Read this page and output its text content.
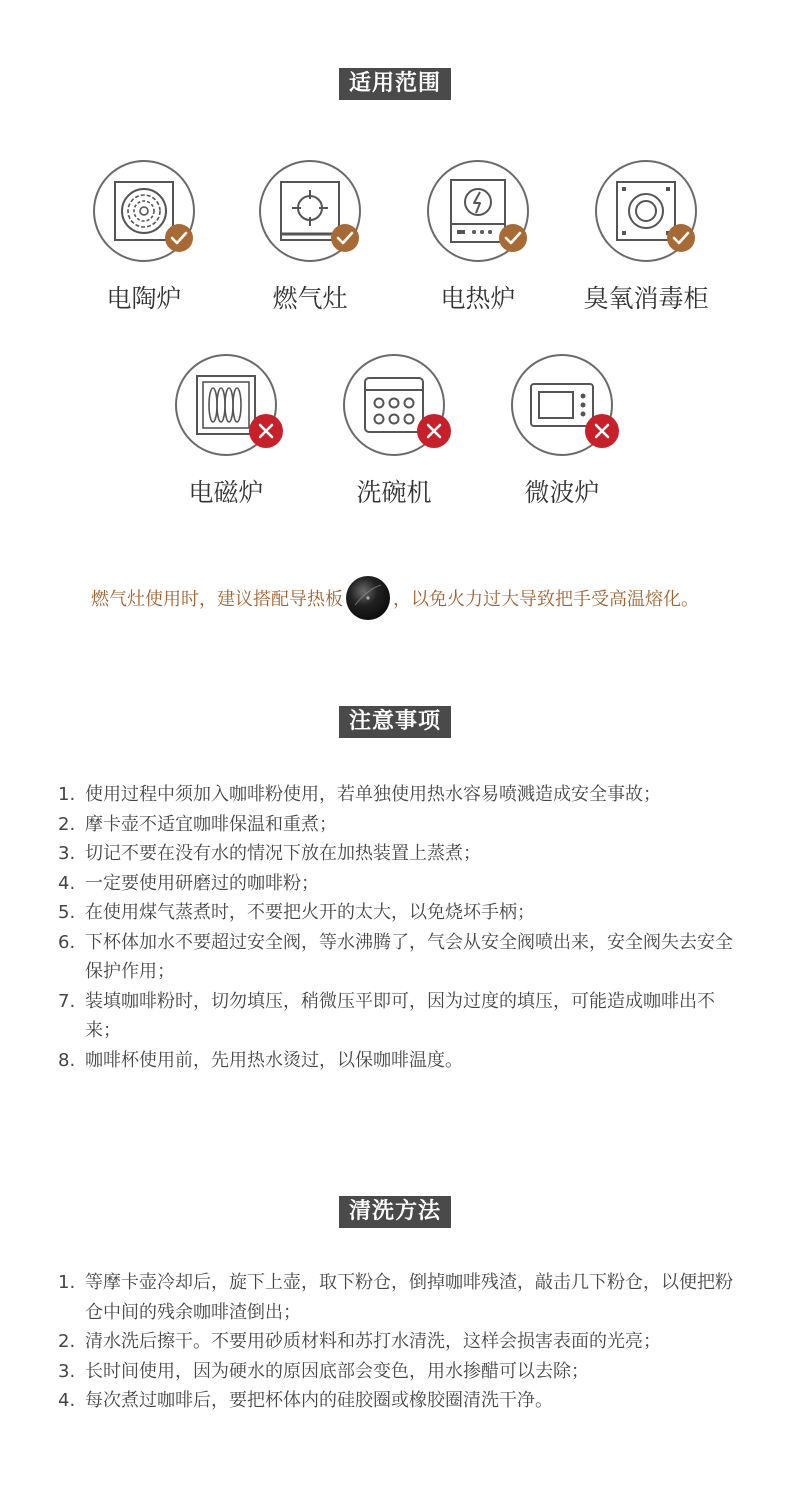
适用范围
电陶炉	燃气灶	电热炉	臭氧消毒柜
电磁炉	洗碗机	微波炉
燃气灶使用时，建议搭配导热板	，以免火力过大导致把手受高温熔化。
注意事项
1. 使用过程中须加入咖啡粉使用，若单独使用热水容易喷溅造成安全事故；
2. 摩卡壶不适宜咖啡保温和重煮；
3. 切记不要在没有水的情况下放在加热装置上蒸煮；
4. 一定要使用研磨过的咖啡粉；
5. 在使用煤气蒸煮时，不要把火开的太大，以免烧坏手柄；
6. 下杯体加水不要超过安全阀，等水沸腾了，气会从安全阀喷出来，安全阀失去安全保护作用；
7. 装填咖啡粉时，切勿填压，稍微压平即可，因为过度的填压，可能造成咖啡出不来；
8. 咖啡杯使用前，先用热水烫过，以保咖啡温度。
清洗方法
1. 等摩卡壶冷却后，旋下上壶，取下粉仓，倒掉咖啡残渣，敲击几下粉仓，以便把粉仓中间的残余咖啡渣倒出；
2. 清水洗后擦干。不要用砂质材料和苏打水清洗，这样会损害表面的光亮；
3. 长时间使用，因为硬水的原因底部会变色，用水掺醋可以去除；
4. 每次煮过咖啡后，要把杯体内的硅胶圈或橡胶圈清洗干净。
